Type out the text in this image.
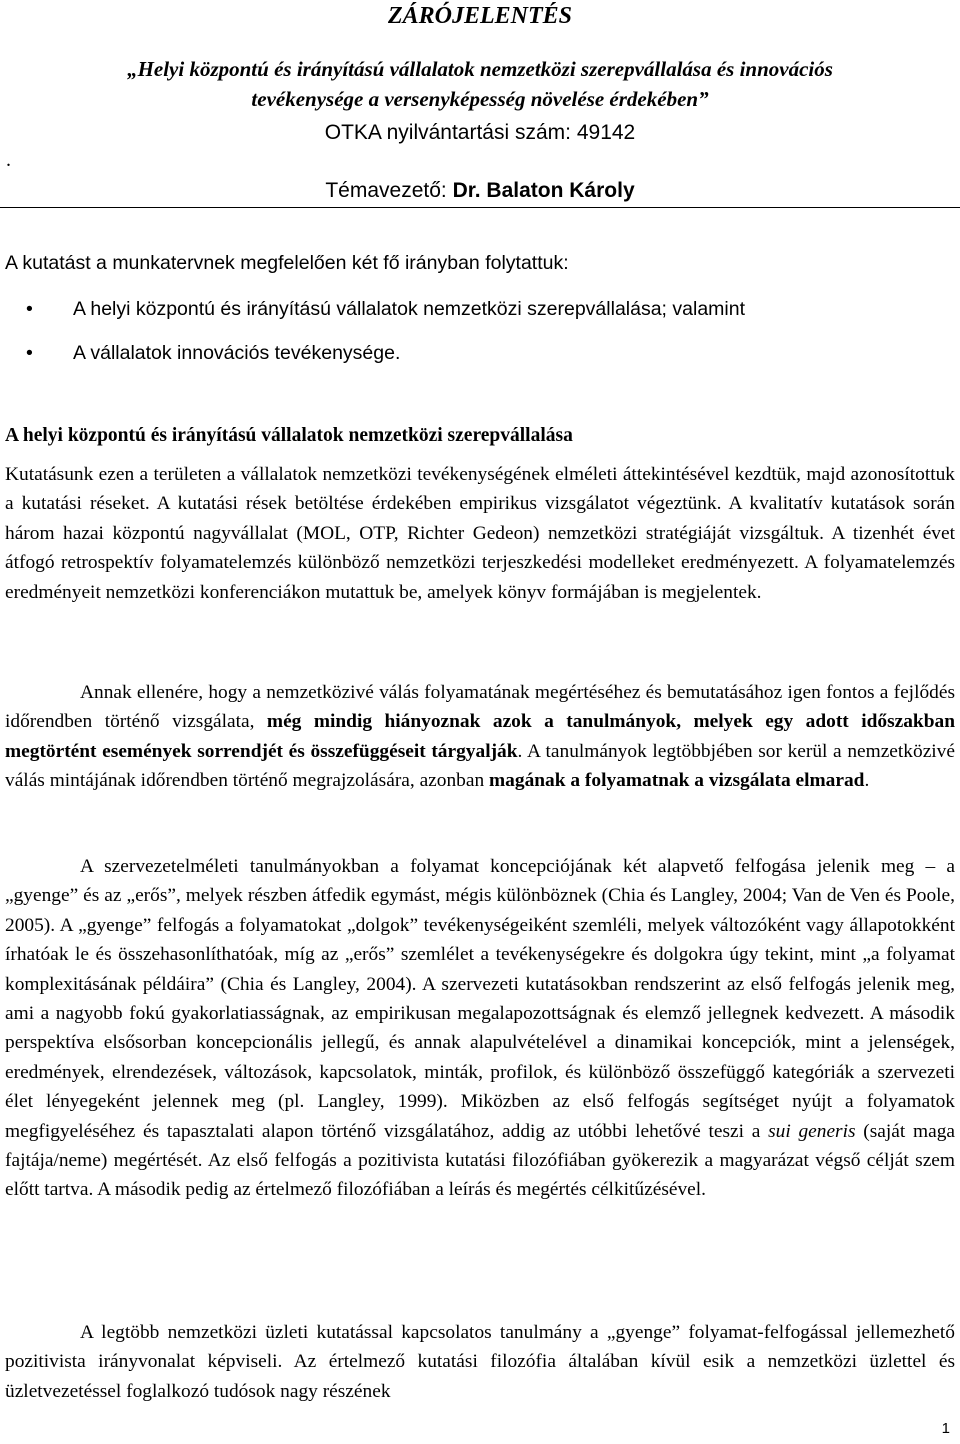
ZÁRÓJELENTÉS
„Helyi központú és irányítású vállalatok nemzetközi szerepvállalása és innovációs
tevékenysége a versenyképesség növelése érdekében”
OTKA nyilvántartási szám: 49142
.
Témavezető: Dr. Balaton Károly
A kutatást a munkatervnek megfelelően két fő irányban folytattuk:
• A helyi központú és irányítású vállalatok nemzetközi szerepvállalása; valamint
• A vállalatok innovációs tevékenysége.
A helyi központú és irányítású vállalatok nemzetközi szerepvállalása

Kutatásunk ezen a területen a vállalatok nemzetközi tevékenységének elméleti áttekintésével kezdtük, majd azonosítottuk a kutatási réseket. A kutatási rések betöltése érdekében empirikus vizsgálatot végeztünk. A kvalitatív kutatások során három hazai központú nagyvállalat (MOL, OTP, Richter Gedeon) nemzetközi stratégiáját vizsgáltuk. A tizenhét évet átfogó retrospektív folyamatelemzés különböző nemzetközi terjeszkedési modelleket eredményezett. A folyamatelemzés eredményeit nemzetközi konferenciákon mutattuk be, amelyek könyv formájában is megjelentek.

Annak ellenére, hogy a nemzetközivé válás folyamatának megértéséhez és bemutatásához igen fontos a fejlődés időrendben történő vizsgálata, még mindig hiányoznak azok a tanulmányok, melyek egy adott időszakban megtörtént események sorrendjét és összefüggéseit tárgyalják. A tanulmányok legtöbbjében sor kerül a nemzetközivé válás mintájának időrendben történő megrajzolására, azonban magának a folyamatnak a vizsgálata elmarad.

A szervezetelméleti tanulmányokban a folyamat koncepciójának két alapvető felfogása jelenik meg – a „gyenge” és az „erős”, melyek részben átfedik egymást, mégis különböznek (Chia és Langley, 2004; Van de Ven és Poole, 2005). A „gyenge” felfogás a folyamatokat „dolgok” tevékenységeiként szemléli, melyek változóként vagy állapotokként írhatóak le és összehasonlíthatóak, míg az „erős” szemlélet a tevékenységekre és dolgokra úgy tekint, mint „a folyamat komplexitásának példáira” (Chia és Langley, 2004). A szervezeti kutatásokban rendszerint az első felfogás jelenik meg, ami a nagyobb fokú gyakorlatiasságnak, az empirikusan megalapozottságnak és elemző jellegnek kedvezett. A második perspektíva elsősorban koncepcionális jellegű, és annak alapulvételével a dinamikai koncepciók, mint a jelenségek, eredmények, elrendezések, változások, kapcsolatok, minták, profilok, és különböző összefüggő kategóriák a szervezeti élet lényegeként jelennek meg (pl. Langley, 1999). Miközben az első felfogás segítséget nyújt a folyamatok megfigyeléséhez és tapasztalati alapon történő vizsgálatához, addig az utóbbi lehetővé teszi a sui generis (saját maga fajtája/neme) megértését. Az első felfogás a pozitivista kutatási filozófiában gyökerezik a magyarázat végső célját szem előtt tartva. A második pedig az értelmező filozófiában a leírás és megértés célkitűzésével.

A legtöbb nemzetközi üzleti kutatással kapcsolatos tanulmány a „gyenge” folyamat-felfogással jellemezhető pozitivista irányvonalat képviseli. Az értelmező kutatási filozófia általában kívül esik a nemzetközi üzlettel és üzletvezetéssel foglalkozó tudósok nagy részének

1
